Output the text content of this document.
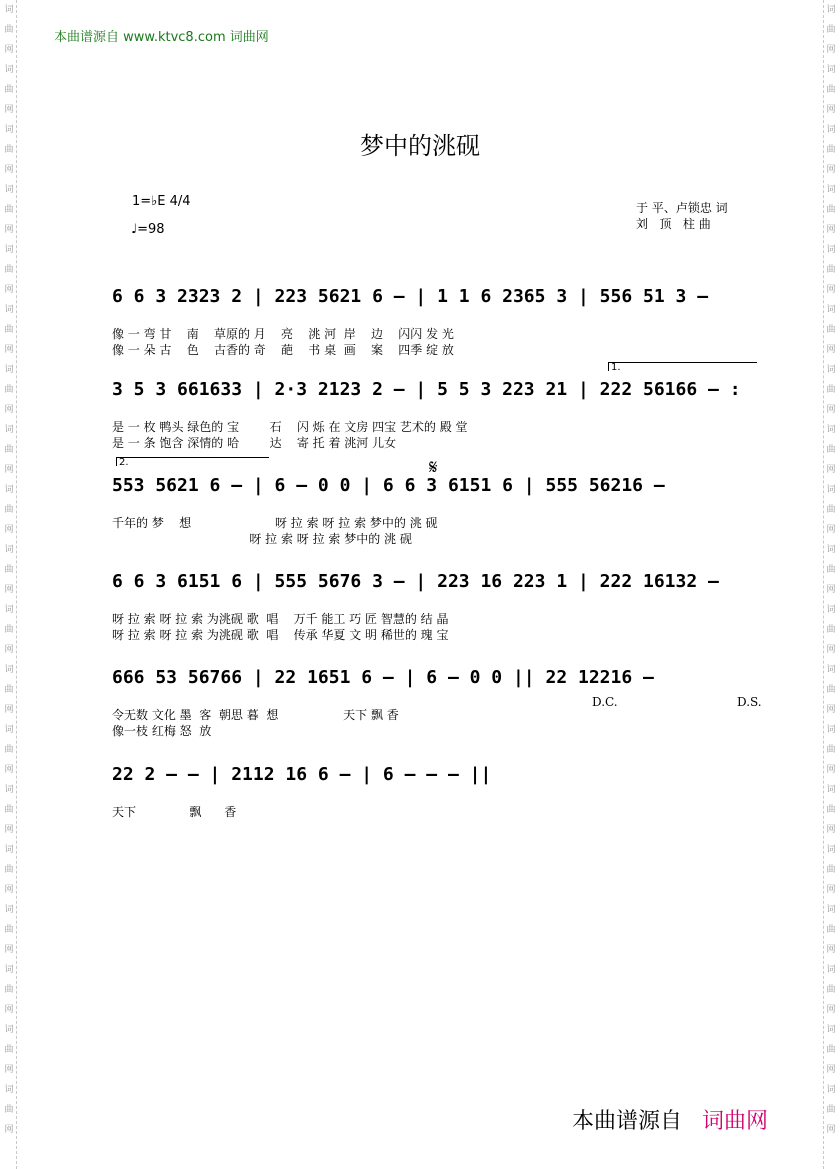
词
曲
网
词
曲
网
词
曲
网
词
曲
网
词
曲
网
词
曲
网
词
曲
网
词
曲
网
词
曲
网
词
曲
网
词
曲
网
词
曲
网
词
曲
网
词
曲
网
词
曲
网
词
曲
网
词
曲
网
词
曲
网
词
曲
网
词
曲
网
词
曲
网
词
曲
网
词
曲
网
词
曲
网
词
曲
网
词
曲
网
词
曲
网
词
曲
网
词
曲
网
词
曲
网
词
曲
网
词
曲
网
词
曲
网
词
曲
网
词
曲
网
词
曲
网
词
曲
网
词
曲
网
本曲谱源自 www.ktvc8.com 词曲网
梦中的洮砚
1=♭E 4/4
♩=98
于 平、卢锁忠 词
刘   顶   柱 曲
6 6 3 2323 2 | 223 5621 6 – | 1 1 6 2365 3 | 556 51 3 –
像 一 弯 甘    南    草原的 月    亮    洮 河  岸    边    闪闪 发 光
像 一 朵 古    色    古香的 奇    葩    书 桌  画    案    四季 绽 放
3 5 3 661633 | 2·3 2123 2 – | 5 5 3 223 21 | 222 56166 – :
是 一 枚 鸭头 绿色的 宝        石    闪 烁 在 文房 四宝 艺术的 殿 堂
是 一 条 饱含 深情的 哈        达    寄 托 着 洮河 儿女
553 5621 6 – | 6 – 0 0 | 6 6 3 6151 6 | 555 56216 –
千年的 梦    想                      呀 拉 索 呀 拉 索 梦中的 洮 砚
呀 拉 索 呀 拉 索 梦中的 洮 砚
6 6 3 6151 6 | 555 5676 3 – | 223 16 223 1 | 222 16132 –
呀 拉 索 呀 拉 索 为洮砚 歌  唱    万千 能工 巧 匠 智慧的 结 晶
呀 拉 索 呀 拉 索 为洮砚 歌  唱    传承 华夏 文 明 稀世的 瑰 宝
666 53 56766 | 22 1651 6 – | 6 – 0 0 || 22 12216 –
令无数 文化 墨  客  朝思 暮  想                 天下 飘 香
像一枝 红梅 怒  放
22 2 – – | 2112 16 6 – | 6 – – – ||
天下              飘      香
𝄋
D.C.	D.S.
1.
2.
本曲谱源自 词曲网
